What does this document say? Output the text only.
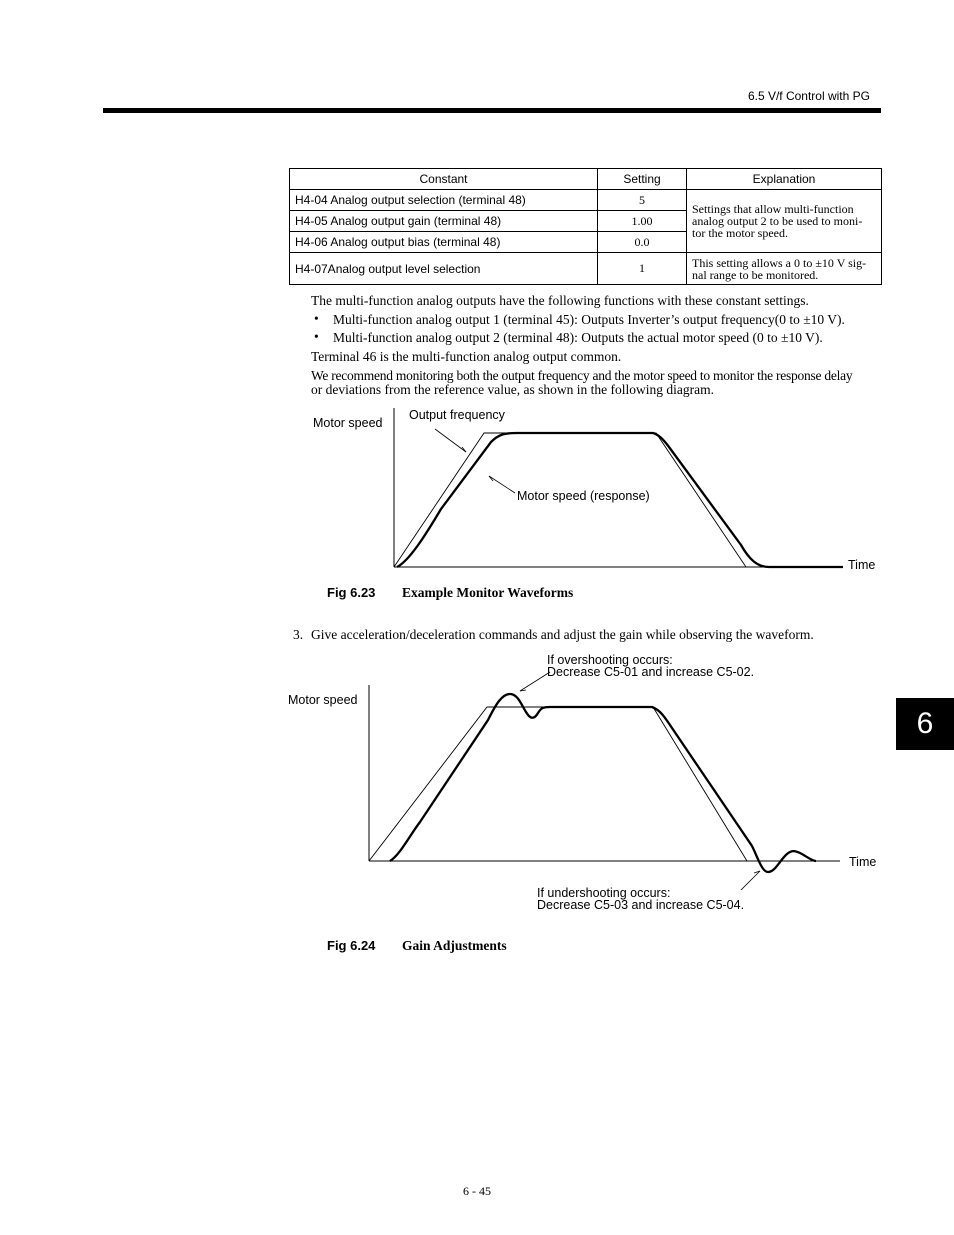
6.5 V/f Control with PG
Constant	Setting	Explanation
H4-04 Analog output selection (terminal 48)	5	Settings that allow multi-function
analog output 2 to be used to moni-
tor the motor speed.

H4-05 Analog output gain (terminal 48)	1.00	
H4-06 Analog output bias (terminal 48)	0.0	
H4-07Analog output level selection	1	This setting allows a 0 to ±10 V sig-
nal range to be monitored.
The multi-function analog outputs have the following functions with these constant settings.
• Multi-function analog output 1 (terminal 45): Outputs Inverter’s output frequency(0 to ±10 V).
• Multi-function analog output 2 (terminal 48): Outputs the actual motor speed (0 to ±10 V).
Terminal 46 is the multi-function analog output common.
We recommend monitoring both the output frequency and the motor speed to monitor the response delay
or deviations from the reference value, as shown in the following diagram.
Motor speed
Output frequency
Motor speed (response)
Time
Fig 6.23 Example Monitor Waveforms
3. Give acceleration/deceleration commands and adjust the gain while observing the waveform.
If overshooting occurs:
Decrease C5-01 and increase C5-02.
Motor speed
Time
If undershooting occurs:
Decrease C5-03 and increase C5-04.
Fig 6.24 Gain Adjustments
6
6 - 45
